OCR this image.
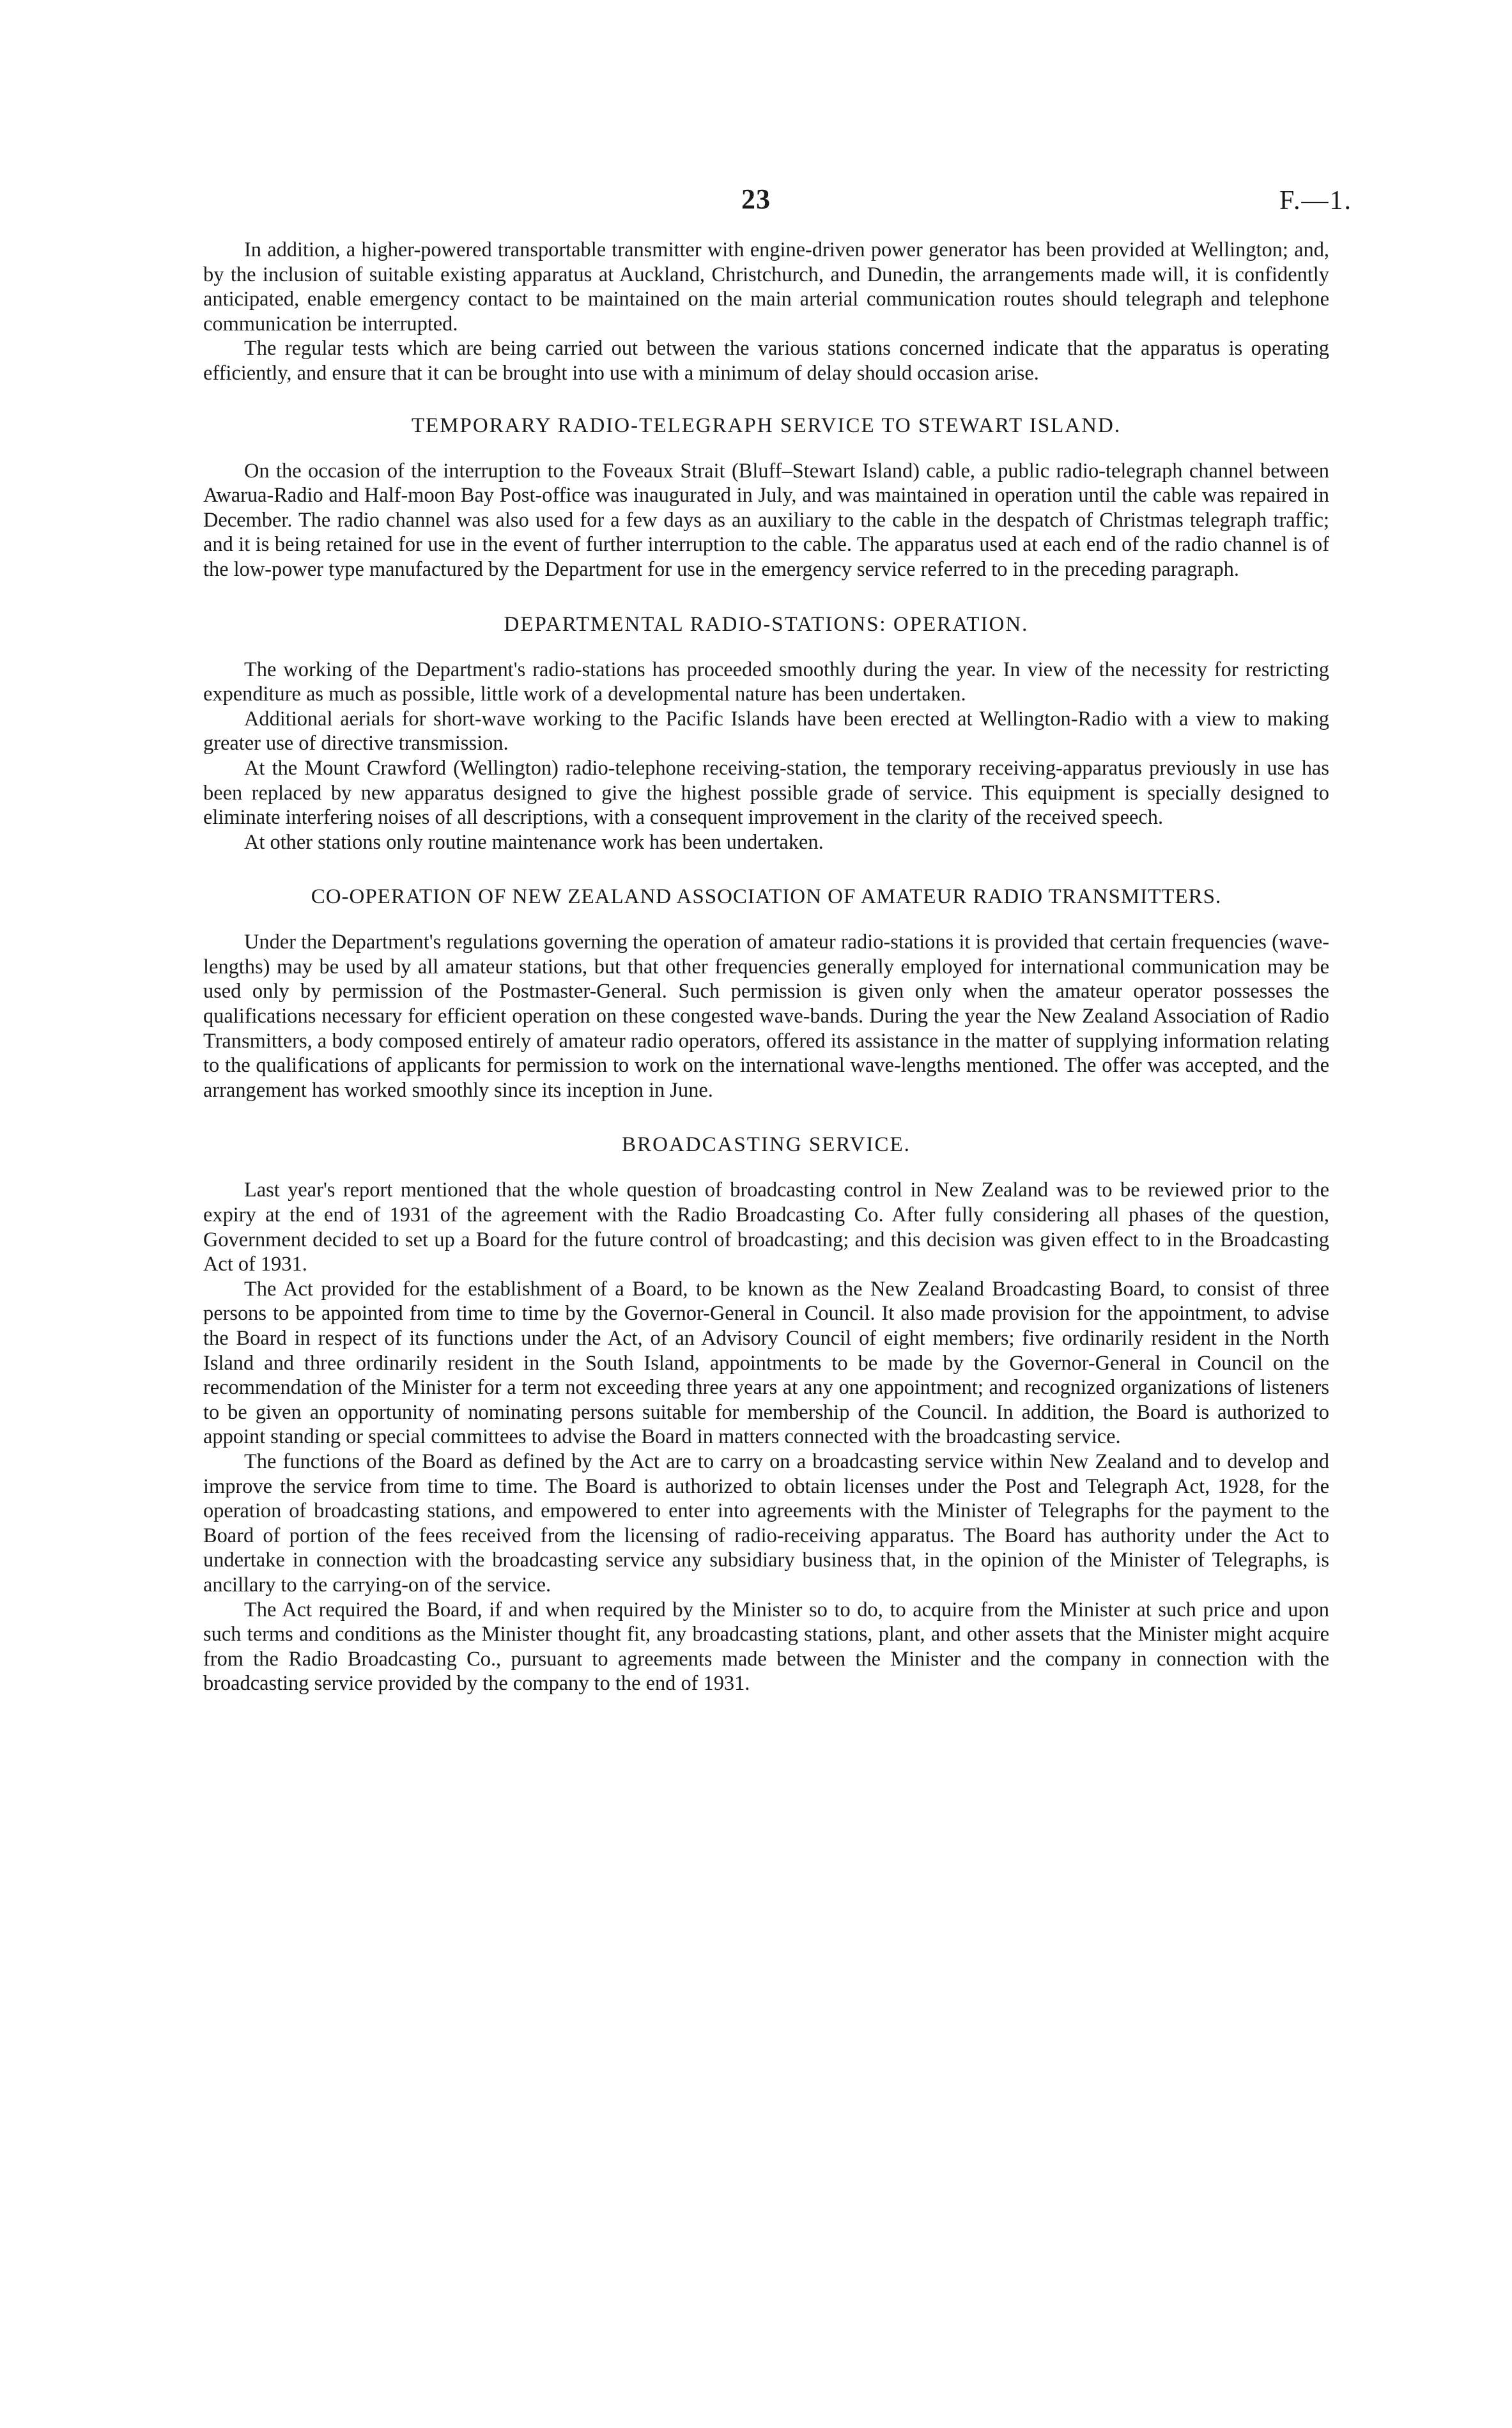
23	F.—1.

In addition, a higher-powered transportable transmitter with engine-driven power generator has been provided at Wellington; and, by the inclusion of suitable existing apparatus at Auckland, Christchurch, and Dunedin, the arrangements made will, it is confidently anticipated, enable emergency contact to be maintained on the main arterial communication routes should telegraph and telephone communication be interrupted.

The regular tests which are being carried out between the various stations concerned indicate that the apparatus is operating efficiently, and ensure that it can be brought into use with a minimum of delay should occasion arise.

TEMPORARY RADIO-TELEGRAPH SERVICE TO STEWART ISLAND.

On the occasion of the interruption to the Foveaux Strait (Bluff–Stewart Island) cable, a public radio-telegraph channel between Awarua-Radio and Half-moon Bay Post-office was inaugurated in July, and was maintained in operation until the cable was repaired in December. The radio channel was also used for a few days as an auxiliary to the cable in the despatch of Christmas telegraph traffic; and it is being retained for use in the event of further interruption to the cable. The apparatus used at each end of the radio channel is of the low-power type manufactured by the Department for use in the emergency service referred to in the preceding paragraph.

DEPARTMENTAL RADIO-STATIONS: OPERATION.

The working of the Department's radio-stations has proceeded smoothly during the year. In view of the necessity for restricting expenditure as much as possible, little work of a developmental nature has been undertaken.

Additional aerials for short-wave working to the Pacific Islands have been erected at Wellington-Radio with a view to making greater use of directive transmission.

At the Mount Crawford (Wellington) radio-telephone receiving-station, the temporary receiving-apparatus previously in use has been replaced by new apparatus designed to give the highest possible grade of service. This equipment is specially designed to eliminate interfering noises of all descriptions, with a consequent improvement in the clarity of the received speech.

At other stations only routine maintenance work has been undertaken.

CO-OPERATION OF NEW ZEALAND ASSOCIATION OF AMATEUR RADIO TRANSMITTERS.

Under the Department's regulations governing the operation of amateur radio-stations it is provided that certain frequencies (wave-lengths) may be used by all amateur stations, but that other frequencies generally employed for international communication may be used only by permission of the Postmaster-General. Such permission is given only when the amateur operator possesses the qualifications necessary for efficient operation on these congested wave-bands. During the year the New Zealand Association of Radio Transmitters, a body composed entirely of amateur radio operators, offered its assistance in the matter of supplying information relating to the qualifications of applicants for permission to work on the international wave-lengths mentioned. The offer was accepted, and the arrangement has worked smoothly since its inception in June.

BROADCASTING SERVICE.

Last year's report mentioned that the whole question of broadcasting control in New Zealand was to be reviewed prior to the expiry at the end of 1931 of the agreement with the Radio Broadcasting Co. After fully considering all phases of the question, Government decided to set up a Board for the future control of broadcasting; and this decision was given effect to in the Broadcasting Act of 1931.

The Act provided for the establishment of a Board, to be known as the New Zealand Broadcasting Board, to consist of three persons to be appointed from time to time by the Governor-General in Council. It also made provision for the appointment, to advise the Board in respect of its functions under the Act, of an Advisory Council of eight members; five ordinarily resident in the North Island and three ordinarily resident in the South Island, appointments to be made by the Governor-General in Council on the recommendation of the Minister for a term not exceeding three years at any one appointment; and recognized organizations of listeners to be given an opportunity of nominating persons suitable for membership of the Council. In addition, the Board is authorized to appoint standing or special committees to advise the Board in matters connected with the broadcasting service.

The functions of the Board as defined by the Act are to carry on a broadcasting service within New Zealand and to develop and improve the service from time to time. The Board is authorized to obtain licenses under the Post and Telegraph Act, 1928, for the operation of broadcasting stations, and empowered to enter into agreements with the Minister of Telegraphs for the payment to the Board of portion of the fees received from the licensing of radio-receiving apparatus. The Board has authority under the Act to undertake in connection with the broadcasting service any subsidiary business that, in the opinion of the Minister of Telegraphs, is ancillary to the carrying-on of the service.

The Act required the Board, if and when required by the Minister so to do, to acquire from the Minister at such price and upon such terms and conditions as the Minister thought fit, any broadcasting stations, plant, and other assets that the Minister might acquire from the Radio Broadcasting Co., pursuant to agreements made between the Minister and the company in connection with the broadcasting service provided by the company to the end of 1931.
